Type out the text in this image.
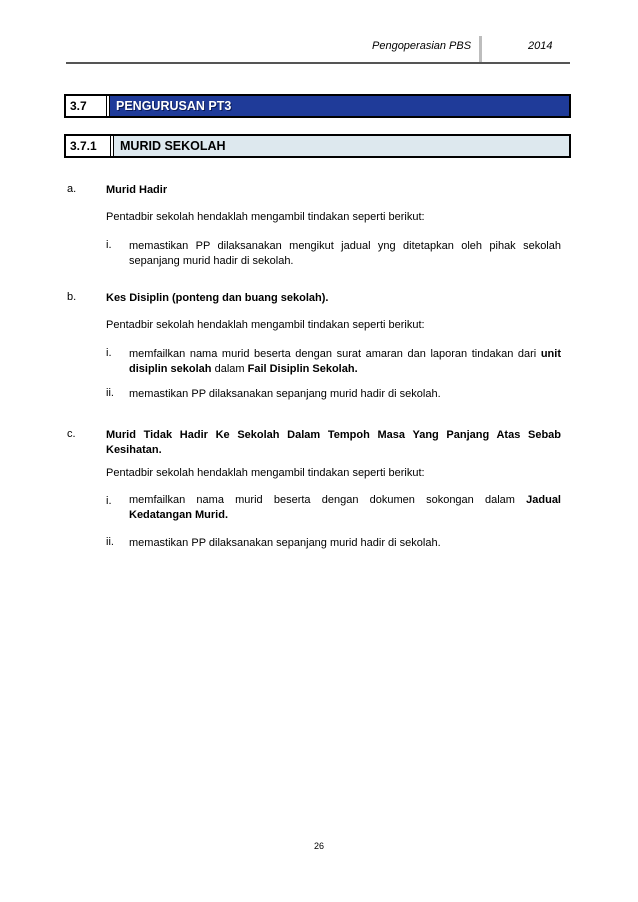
Pengoperasian PBS	2014
3.7	PENGURUSAN PT3
3.7.1	MURID SEKOLAH
a.	Murid Hadir
Pentadbir sekolah hendaklah mengambil tindakan seperti berikut:
i. memastikan PP dilaksanakan mengikut jadual yng ditetapkan oleh pihak sekolah sepanjang murid hadir di sekolah.
b.	Kes Disiplin (ponteng dan buang sekolah).
Pentadbir sekolah hendaklah mengambil tindakan seperti berikut:
i. memfailkan nama murid beserta dengan surat amaran dan laporan tindakan dari unit disiplin sekolah dalam Fail Disiplin Sekolah.
ii. memastikan PP dilaksanakan sepanjang murid hadir di sekolah.
c.	Murid Tidak Hadir Ke Sekolah Dalam Tempoh Masa Yang Panjang Atas Sebab Kesihatan.
Pentadbir sekolah hendaklah mengambil tindakan seperti berikut:
i. memfailkan nama murid beserta dengan dokumen sokongan dalam Jadual Kedatangan Murid.
ii. memastikan PP dilaksanakan sepanjang murid hadir di sekolah.
26
